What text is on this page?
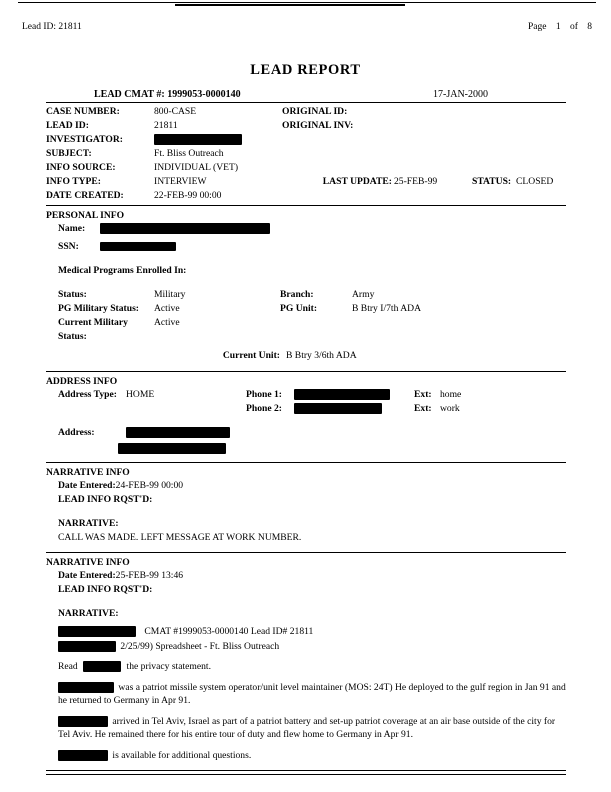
Lead ID: 21811	Page 1 of 8
LEAD REPORT
LEAD CMAT #: 1999053-0000140	17-JAN-2000
CASE NUMBER:	800-CASE	ORIGINAL ID:
LEAD ID:	21811	ORIGINAL INV:
INVESTIGATOR:
SUBJECT:	Ft. Bliss Outreach
INFO SOURCE:	INDIVIDUAL (VET)
INFO TYPE:	INTERVIEW	LAST UPDATE: 25-FEB-99	STATUS: CLOSED
DATE CREATED:	22-FEB-99 00:00
PERSONAL INFO
Name:
SSN:
Medical Programs Enrolled In:
Status:	Military	Branch:	Army
PG Military Status:	Active	PG Unit:	B Btry I/7th ADA
Current Military Status:
Active
Current Unit: B Btry 3/6th ADA
ADDRESS INFO
Address Type: HOME	Phone 1:	Ext: home
Phone 2:	Ext: work
Address:
NARRATIVE INFO
Date Entered: 24-FEB-99 00:00
LEAD INFO RQST'D:
NARRATIVE:
CALL WAS MADE. LEFT MESSAGE AT WORK NUMBER.
NARRATIVE INFO
Date Entered: 25-FEB-99 13:46
LEAD INFO RQST'D:
NARRATIVE:
CMAT #1999053-0000140 Lead ID# 21811
2/25/99) Spreadsheet - Ft. Bliss Outreach
Read	the privacy statement.
was a patriot missile system operator/unit level maintainer (MOS: 24T) He deployed to the gulf region in Jan 91 and he returned to Germany in Apr 91.
arrived in Tel Aviv, Israel as part of a patriot battery and set-up patriot coverage at an air base outside of the city for Tel Aviv. He remained there for his entire tour of duty and flew home to Germany in Apr 91.
is available for additional questions.
